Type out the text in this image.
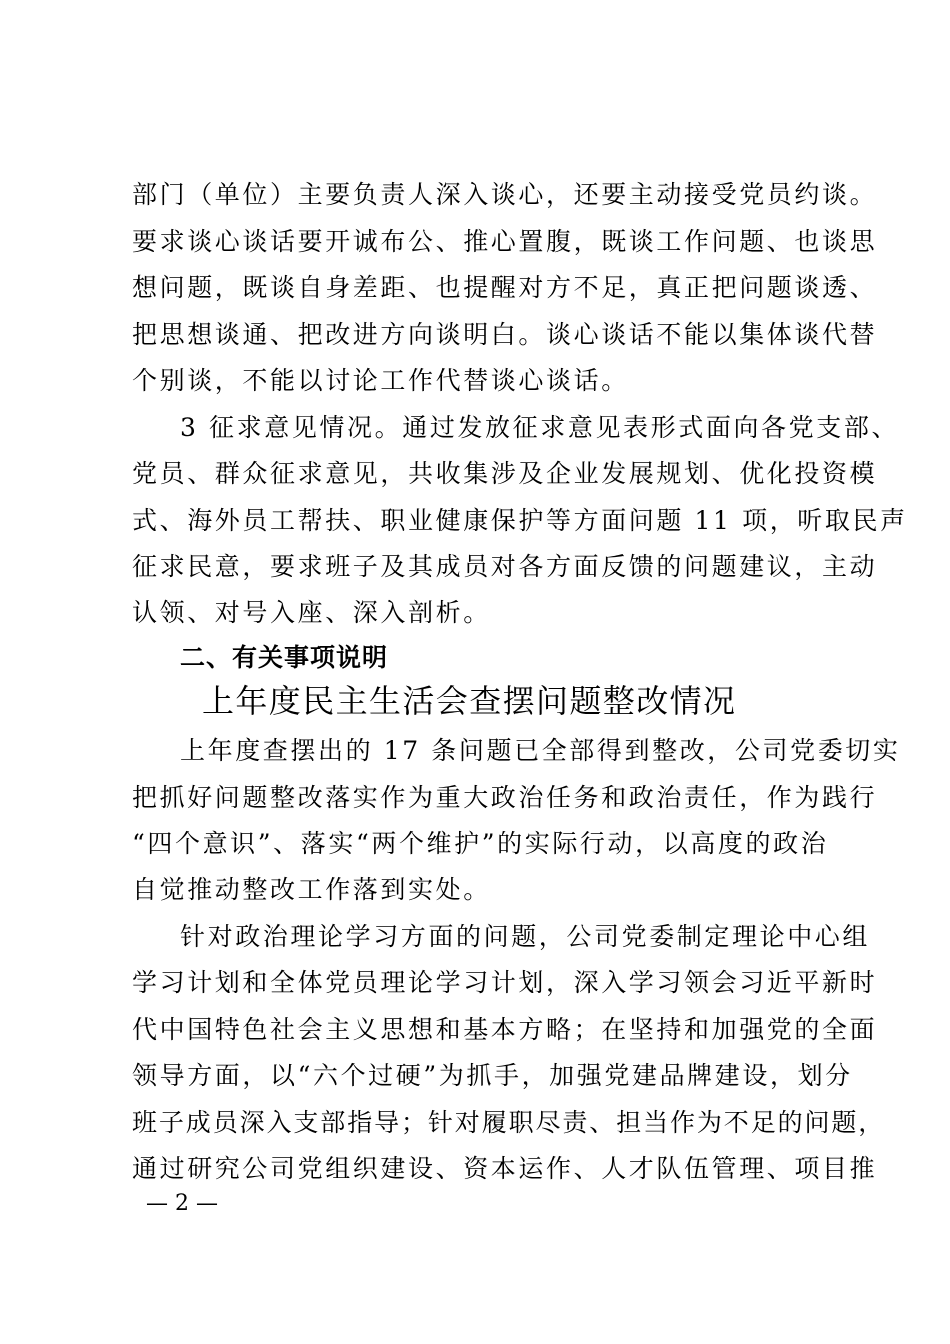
部门（单位）主要负责人深入谈心，还要主动接受党员约谈。
要求谈心谈话要开诚布公、推心置腹，既谈工作问题、也谈思
想问题，既谈自身差距、也提醒对方不足，真正把问题谈透、
把思想谈通、把改进方向谈明白。谈心谈话不能以集体谈代替
个别谈，不能以讨论工作代替谈心谈话。
3 征求意见情况。通过发放征求意见表形式面向各党支部、
党员、群众征求意见，共收集涉及企业发展规划、优化投资模
式、海外员工帮扶、职业健康保护等方面问题 11 项，听取民声
征求民意，要求班子及其成员对各方面反馈的问题建议，主动
认领、对号入座、深入剖析。
二、有关事项说明
上年度民主生活会查摆问题整改情况
上年度查摆出的 17 条问题已全部得到整改，公司党委切实
把抓好问题整改落实作为重大政治任务和政治责任，作为践行
“四个意识”、落实“两个维护”的实际行动，以高度的政治
自觉推动整改工作落到实处。
针对政治理论学习方面的问题，公司党委制定理论中心组
学习计划和全体党员理论学习计划，深入学习领会习近平新时
代中国特色社会主义思想和基本方略；在坚持和加强党的全面
领导方面，以“六个过硬”为抓手，加强党建品牌建设，划分
班子成员深入支部指导；针对履职尽责、担当作为不足的问题，
通过研究公司党组织建设、资本运作、人才队伍管理、项目推
— 2 —
